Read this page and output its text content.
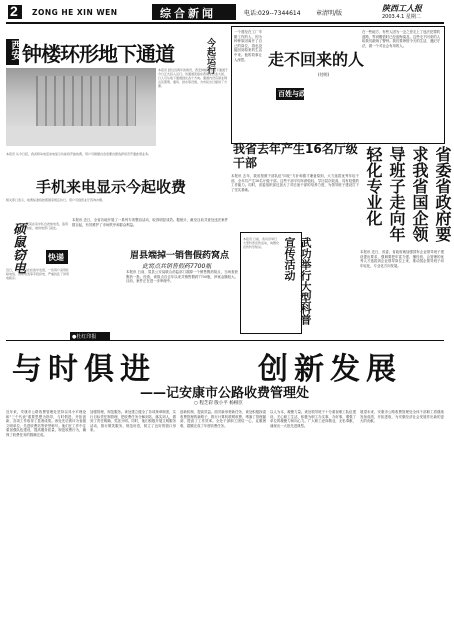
2 ZONG HE XIN WEN	综合新闻	电话:029--7344614	章清明/版
陕西工人报
2003.4.1 星期二
西安 钟楼环形地下通道	今起运行
本报讯 经过近两年的建设，西安钟楼环形地下通道于今日正式投入运行。该通道连接东西南北四条大街，行人可从地下通道到达各个方向。通道内设有商业网点及照明、通风、排水等设施，为市民出行提供了方便。
走不回来的人
(付明)
百姓与政
一个曾经在工厂辛勤工作的人，因为种种原因离开了自己的岗位，再也没能回到原来的生活中来。他的故事让人深思。
在一些地方，有些人因为一念之差走上了违法犯罪的道路，等到醒悟时已经追悔莫及。这些走不回来的人给我们敲响了警钟。我们要珍惜今天的生活，遵纪守法，做一个对社会有用的人。
手机来电显示今起收费
本报讯 从今日起，我省移动电话来电显示功能将开始收费，用户可根据自身需要自愿选择是否开通此项业务。
相关部门表示，收费标准将按照国家规定执行，用户可到营业厅咨询办理。
硕鼠窃电	快递
某某在家中私自改装电表，盗用电能，被供电部门查处。
近日，供电部门在检查中发现，一些用户采用私接电线、改动电表等手段窃电，严重扰乱了供用电秩序。
本报讯 近日，全省各地开展了一系列专项整治活动，取得明显成效。据统计，截至目前共查处违法案件数百起，有效维护了市场秩序和群众利益。
眉县端掉一销售假药窝点
此窝点共销售假药7700瓶
本报讯 日前，眉县公安局联合药监部门端掉一个销售假药窝点，当场查获假药一批。经查，该窝点自去年以来共销售假药7700瓶，涉案金额较大。目前，案件正在进一步审理中。
●杜红印报
我省去年产生16名厅级干部
本报讯 去年，我省按照干部队伍"四化"方针和德才兼备原则，大力选拔优秀年轻干部，全年共产生16名厅级干部。这些干部平均年龄较轻，学历层次较高，具有较强的工作能力。同时，省委组织部还加大了对后备干部的培养力度，为领导班子建设打下了坚实基础。
武功举行大型科普宣传活动
本报讯 日前，武功县举行大型科普宣传活动，向群众宣传科学知识。
省委省政府要求我省国企领导班子走向年轻化专业化
本报讯 近日，省委、省政府就加强国有企业领导班子建设提出要求，强调要把年富力强、懂经营、会管理的优秀人才选拔到企业领导岗位上来，推动国企领导班子向年轻化、专业化方向发展。
与时俱进	创新发展
——记安康市公路收费管理处
○ 程芝彩 殷小平 杨相臣
近年来，安康市公路收费管理处坚持以邓小平理论和"三个代表"重要思想为指导，与时俱进，开拓创新，各项工作取得了显著成绩。该处先后被评为省级文明单位、先进收费站等荣誉称号。他们在工作中注重加强队伍建设，提高服务质量，规范收费行为，确保了收费任务的圆满完成。
加强管理，规范服务。该处建立健全了各项规章制度，实行目标责任制管理，把收费任务分解到站、落实到人，做到了责任明确、奖惩分明。同时，他们积极开展文明服务活动，推行微笑服务、规范用语，树立了良好的窗口形象。
创新机制，提高效益。面对新形势新任务，该处积极探索收费管理的新路子，推行计算机联网收费，堵塞了管理漏洞，提高了工作效率。全处干部职工团结一心，克服困难，超额完成了年度收费任务。
以人为本，凝聚力量。该处领导班子十分重视职工队伍建设，关心职工生活，积极为职工办实事、办好事，增强了单位的凝聚力和向心力。广大职工爱岗敬业，无私奉献，涌现出一大批先进典型。
展望未来，安康市公路收费管理处全体干部职工将继续发扬成绩，开拓进取，为安康经济社会发展作出新的更大的贡献。
